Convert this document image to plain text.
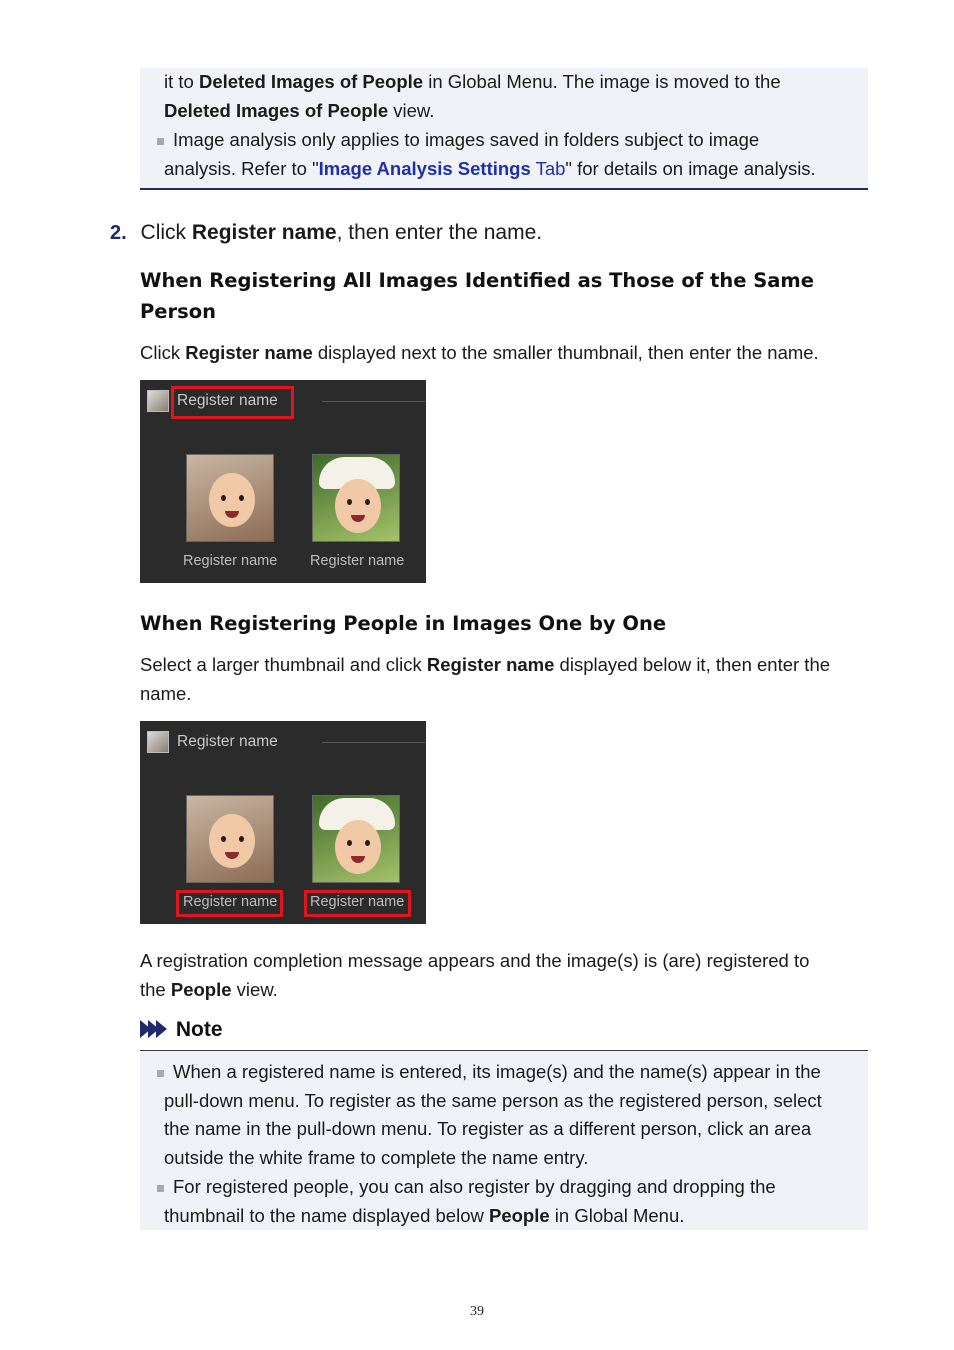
it to Deleted Images of People in Global Menu. The image is moved to the
Deleted Images of People view.
Image analysis only applies to images saved in folders subject to image
analysis. Refer to "Image Analysis Settings Tab" for details on image analysis.
2. Click Register name, then enter the name.
When Registering All Images Identified as Those of the Same
Person
Click Register name displayed next to the smaller thumbnail, then enter the name.
Register name
Register name Register name
When Registering People in Images One by One
Select a larger thumbnail and click Register name displayed below it, then enter the
name.
Register name
Register name Register name
A registration completion message appears and the image(s) is (are) registered to
the People view.
Note
When a registered name is entered, its image(s) and the name(s) appear in the
pull-down menu. To register as the same person as the registered person, select
the name in the pull-down menu. To register as a different person, click an area
outside the white frame to complete the name entry.
For registered people, you can also register by dragging and dropping the
thumbnail to the name displayed below People in Global Menu.
39
